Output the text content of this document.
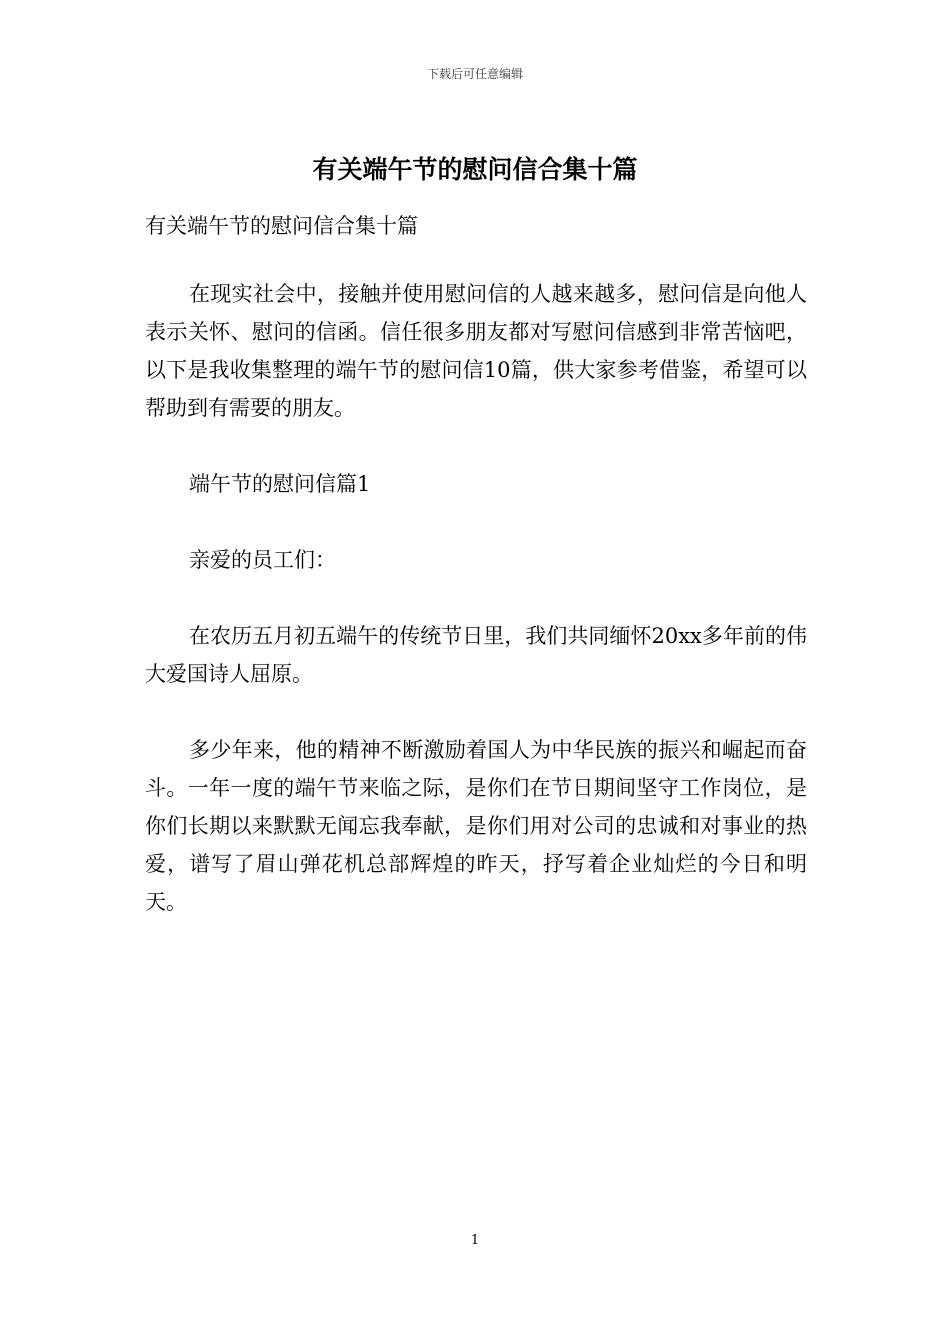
下载后可任意编辑
有关端午节的慰问信合集十篇

有关端午节的慰问信合集十篇

在现实社会中，接触并使用慰问信的人越来越多，慰问信是向他人表示关怀、慰问的信函。信任很多朋友都对写慰问信感到非常苦恼吧，以下是我收集整理的端午节的慰问信10篇，供大家参考借鉴，希望可以帮助到有需要的朋友。

端午节的慰问信篇1

亲爱的员工们：

在农历五月初五端午的传统节日里，我们共同缅怀20xx多年前的伟大爱国诗人屈原。

多少年来，他的精神不断激励着国人为中华民族的振兴和崛起而奋斗。一年一度的端午节来临之际，是你们在节日期间坚守工作岗位，是你们长期以来默默无闻忘我奉献，是你们用对公司的忠诚和对事业的热爱，谱写了眉山弹花机总部辉煌的昨天，抒写着企业灿烂的今日和明天。

1
